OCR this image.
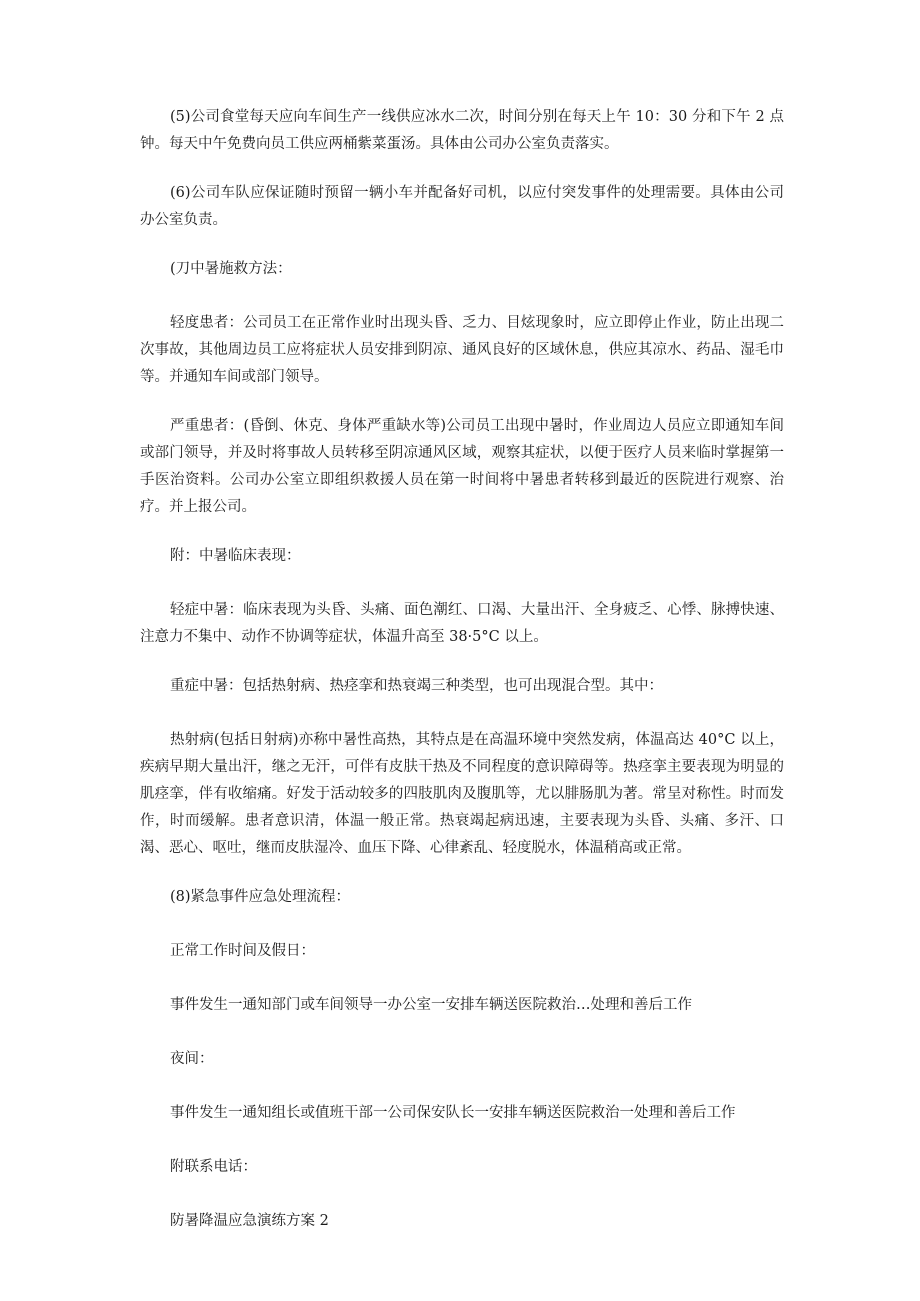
(5)公司食堂每天应向车间生产一线供应冰水二次，时间分别在每天上午 10：30 分和下午 2 点钟。每天中午免费向员工供应两桶紫菜蛋汤。具体由公司办公室负责落实。

(6)公司车队应保证随时预留一辆小车并配备好司机，以应付突发事件的处理需要。具体由公司办公室负责。

(刀中暑施救方法：

轻度患者：公司员工在正常作业时出现头昏、乏力、目炫现象时，应立即停止作业，防止出现二次事故，其他周边员工应将症状人员安排到阴凉、通风良好的区域休息，供应其凉水、药品、湿毛巾等。并通知车间或部门领导。

严重患者：(昏倒、休克、身体严重缺水等)公司员工出现中暑时，作业周边人员应立即通知车间或部门领导，并及时将事故人员转移至阴凉通风区域，观察其症状，以便于医疗人员来临时掌握第一手医治资料。公司办公室立即组织救援人员在第一时间将中暑患者转移到最近的医院进行观察、治疗。并上报公司。

附：中暑临床表现：

轻症中暑：临床表现为头昏、头痛、面色潮红、口渴、大量出汗、全身疲乏、心悸、脉搏快速、注意力不集中、动作不协调等症状，体温升高至 38·5°C 以上。

重症中暑：包括热射病、热痉挛和热衰竭三种类型，也可出现混合型。其中：

热射病(包括日射病)亦称中暑性高热，其特点是在高温环境中突然发病，体温高达 40°C 以上，疾病早期大量出汗，继之无汗，可伴有皮肤干热及不同程度的意识障碍等。热痉挛主要表现为明显的肌痉挛，伴有收缩痛。好发于活动较多的四肢肌肉及腹肌等，尤以腓肠肌为著。常呈对称性。时而发作，时而缓解。患者意识清，体温一般正常。热衰竭起病迅速，主要表现为头昏、头痛、多汗、口渴、恶心、呕吐，继而皮肤湿冷、血压下降、心律紊乱、轻度脱水，体温稍高或正常。

(8)紧急事件应急处理流程：

正常工作时间及假日：

事件发生一通知部门或车间领导一办公室一安排车辆送医院救治…处理和善后工作

夜间：

事件发生一通知组长或值班干部一公司保安队长一安排车辆送医院救治一处理和善后工作

附联系电话：

防暑降温应急演练方案 2
